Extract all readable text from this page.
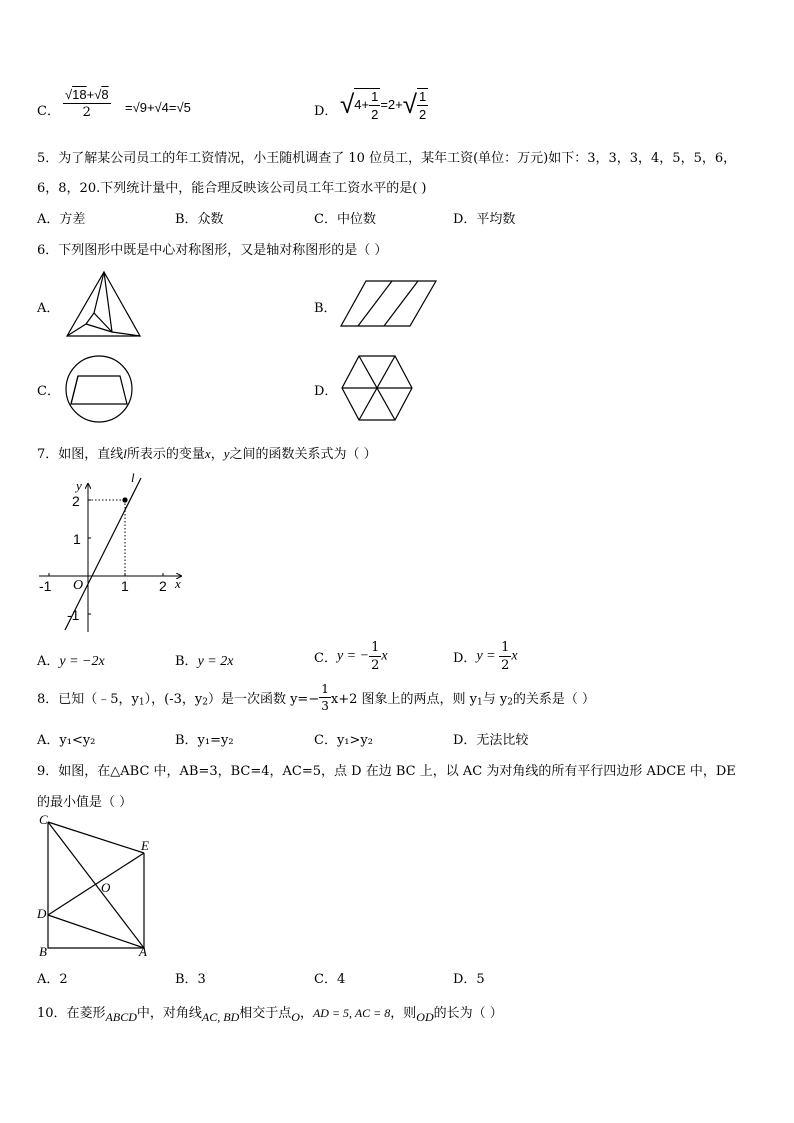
C． $\frac{√18+√8}{2} =√9+√4=√5$	D． $√4+ \frac{1}{2} =2+√ \frac{1}{2}$
5．为了解某公司员工的年工资情况，小王随机调查了 10 位员工，某年工资(单位：万元)如下：3，3，3，4，5，5，6，
6，8，20.下列统计量中，能合理反映该公司员工年工资水平的是( )
A．方差	B．众数	C．中位数	D．平均数
6．下列图形中既是中心对称图形，又是轴对称图形的是（ ）
A．	B．
C．	D．
7．如图，直线l所表示的变量x，y之间的函数关系式为（ ）
l
y
x
2
1
-1
-1	1 2
O
A．y = −2x	B．y = 2x	C．y = − $\frac{1}{2}$ x	D．$y = \frac{1}{2}$ x
8．已知（﹣5，$y_1$），(-3，$y_2$）是一次函数 $y=- \frac{1}{3} x+2$ 图象上的两点，则 $y_1$与 $y_2$的关系是（ ）
A．y₁<y₂	B．y₁=y₂	C．y₁>y₂	D．无法比较
9．如图，在△ABC 中，AB=3，BC=4，AC=5，点 D 在边 BC 上，以 AC 为对角线的所有平行四边形 ADCE 中，DE
的最小值是（ ）
C
E
O
D
B	A
A．2	B．3	C．4	D．5
10．在菱形ABCD中，对角线AC, BD相交于点O，AD = 5, AC = 8，则OD的长为（ ）
